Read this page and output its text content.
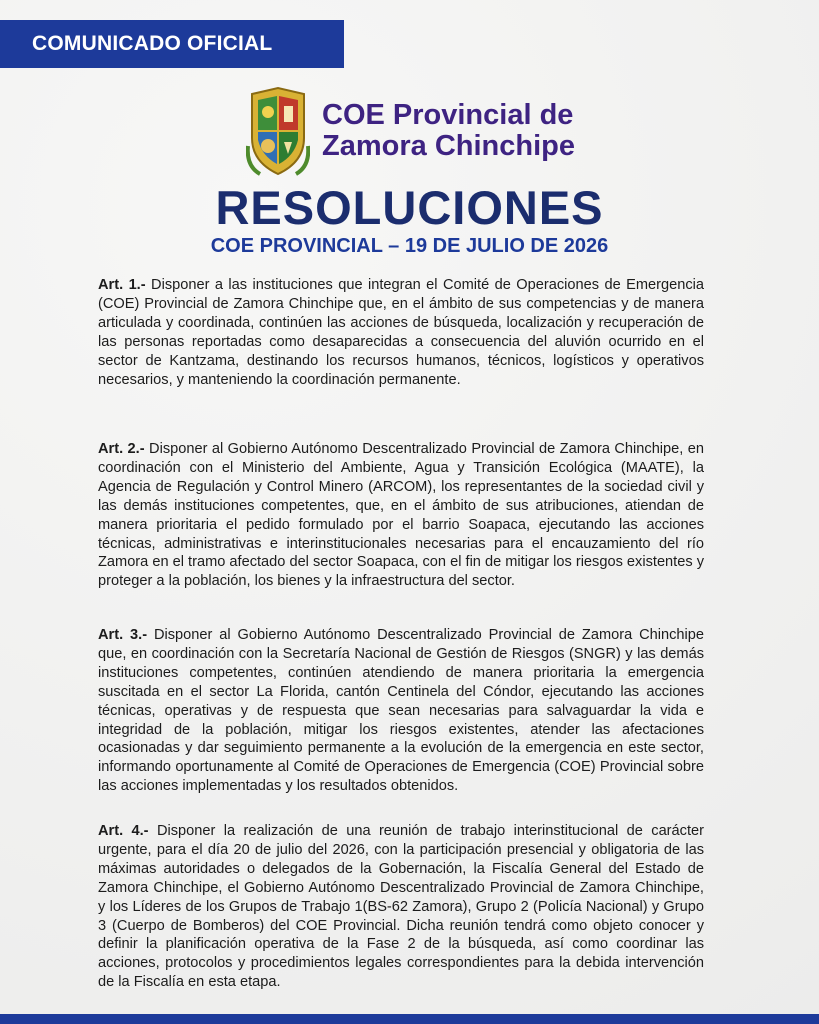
COMUNICADO OFICIAL
COE Provincial de
Zamora Chinchipe
RESOLUCIONES
COE PROVINCIAL – 19 DE JULIO DE 2026

Art. 1.- Disponer a las instituciones que integran el Comité de Operaciones de Emergencia (COE) Provincial de Zamora Chinchipe que, en el ámbito de sus competencias y de manera articulada y coordinada, continúen las acciones de búsqueda, localización y recuperación de las personas reportadas como desaparecidas a consecuencia del aluvión ocurrido en el sector de Kantzama, destinando los recursos humanos, técnicos, logísticos y operativos necesarios, y manteniendo la coordinación permanente.

Art. 2.- Disponer al Gobierno Autónomo Descentralizado Provincial de Zamora Chinchipe, en coordinación con el Ministerio del Ambiente, Agua y Transición Ecológica (MAATE), la Agencia de Regulación y Control Minero (ARCOM), los representantes de la sociedad civil y las demás instituciones competentes, que, en el ámbito de sus atribuciones, atiendan de manera prioritaria el pedido formulado por el barrio Soapaca, ejecutando las acciones técnicas, administrativas e interinstitucionales necesarias para el encauzamiento del río Zamora en el tramo afectado del sector Soapaca, con el fin de mitigar los riesgos existentes y proteger a la población, los bienes y la infraestructura del sector.

Art. 3.- Disponer al Gobierno Autónomo Descentralizado Provincial de Zamora Chinchipe que, en coordinación con la Secretaría Nacional de Gestión de Riesgos (SNGR) y las demás instituciones competentes, continúen atendiendo de manera prioritaria la emergencia suscitada en el sector La Florida, cantón Centinela del Cóndor, ejecutando las acciones técnicas, operativas y de respuesta que sean necesarias para salvaguardar la vida e integridad de la población, mitigar los riesgos existentes, atender las afectaciones ocasionadas y dar seguimiento permanente a la evolución de la emergencia en este sector, informando oportunamente al Comité de Operaciones de Emergencia (COE) Provincial sobre las acciones implementadas y los resultados obtenidos.

Art. 4.- Disponer la realización de una reunión de trabajo interinstitucional de carácter urgente, para el día 20 de julio del 2026, con la participación presencial y obligatoria de las máximas autoridades o delegados de la Gobernación, la Fiscalía General del Estado de Zamora Chinchipe, el Gobierno Autónomo Descentralizado Provincial de Zamora Chinchipe, y los Líderes de los Grupos de Trabajo 1(BS-62 Zamora), Grupo 2 (Policía Nacional) y Grupo 3 (Cuerpo de Bomberos) del COE Provincial. Dicha reunión tendrá como objeto conocer y definir la planificación operativa de la Fase 2 de la búsqueda, así como coordinar las acciones, protocolos y procedimientos legales correspondientes para la debida intervención de la Fiscalía en esta etapa.
